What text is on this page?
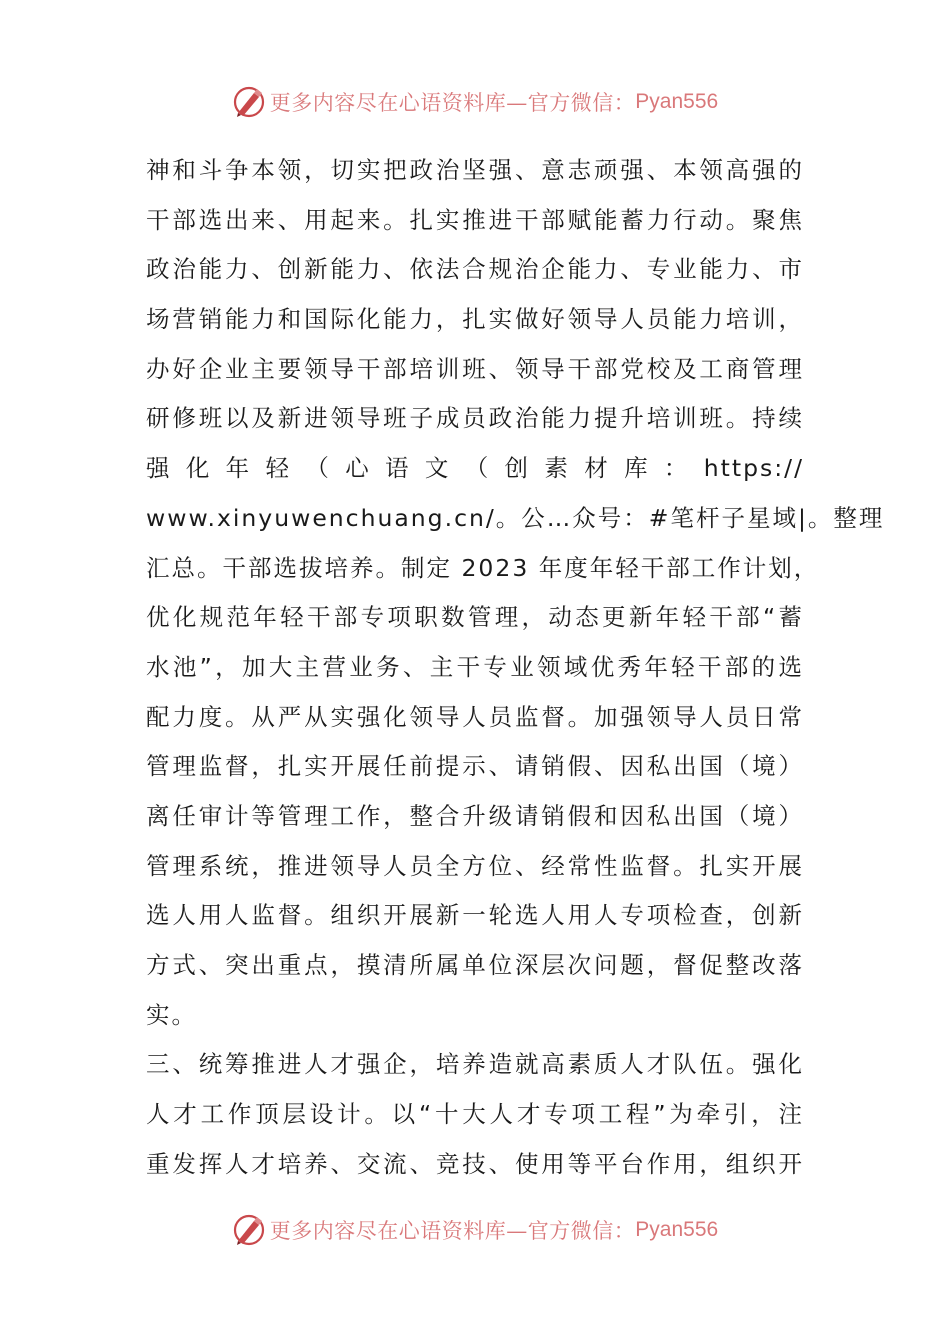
更多内容尽在心语资料库—官方微信： Pyan556
神和斗争本领，切实把政治坚强、意志顽强、本领高强的
干部选出来、用起来。扎实推进干部赋能蓄力行动。聚焦
政治能力、创新能力、依法合规治企能力、专业能力、市
场营销能力和国际化能力，扎实做好领导人员能力培训，
办好企业主要领导干部培训班、领导干部党校及工商管理
研修班以及新进领导班子成员政治能力提升培训班。持续
强 化 年 轻 （ 心 语 文 （ 创 素 材 库 ： https://
www.xinyuwenchuang.cn/。公…众号：#笔杆子星域|。整理
汇总。干部选拔培养。制定 2023 年度年轻干部工作计划，
优化规范年轻干部专项职数管理，动态更新年轻干部“蓄
水池”，加大主营业务、主干专业领域优秀年轻干部的选
配力度。从严从实强化领导人员监督。加强领导人员日常
管理监督，扎实开展任前提示、请销假、因私出国（境）
离任审计等管理工作，整合升级请销假和因私出国（境）
管理系统，推进领导人员全方位、经常性监督。扎实开展
选人用人监督。组织开展新一轮选人用人专项检查，创新
方式、突出重点，摸清所属单位深层次问题，督促整改落
实。
三、统筹推进人才强企，培养造就高素质人才队伍。强化
人才工作顶层设计。以“十大人才专项工程”为牵引，注
重发挥人才培养、交流、竞技、使用等平台作用，组织开
更多内容尽在心语资料库—官方微信： Pyan556
